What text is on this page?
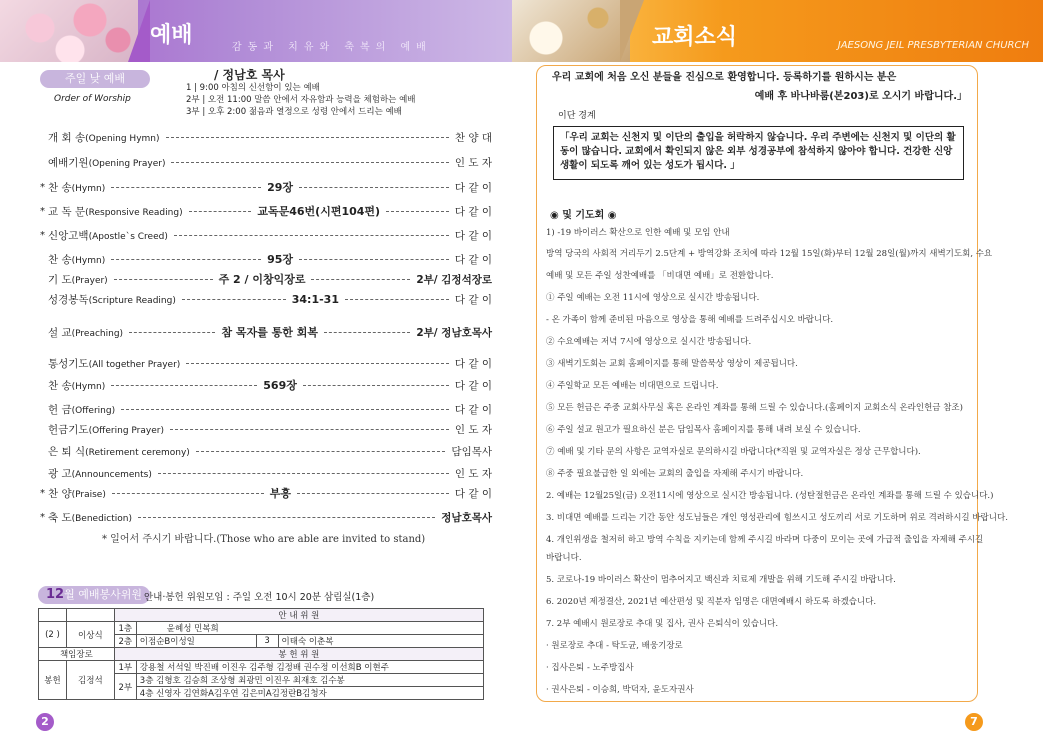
예배	감동과 치유와 축복의 예배	교회소식	JAESONG JEIL PRESBYTERIAN CHURCH
주일 낮 예배
Order of Worship
/ 정남호 목사
1 | 9:00 아침의 신선함이 있는 예배
2부 | 오전 11:00 말씀 안에서 자유함과 능력을 체험하는 예배
3부 | 오후 2:00 젊음과 열정으로 성령 안에서 드리는 예배
개 회 송(Opening Hymn)	찬 양 대
예배기원(Opening Prayer)	인 도 자
* 찬 송(Hymn)	29장	다 같 이
* 교 독 문(Responsive Reading)	교독문46번(시편104편)	다 같 이
* 신앙고백(Apostle`s Creed)	다 같 이
찬 송(Hymn)	95장	다 같 이
기 도(Prayer)	주 2 / 이창익장로	2부/ 김정석장로
성경봉독(Scripture Reading)	34:1-31	다 같 이
설 교(Preaching)	참 목자를 통한 회복	2부/ 정남호목사
통성기도(All together Prayer)	다 같 이
찬 송(Hymn)	569장	다 같 이
헌 금(Offering)	다 같 이
헌금기도(Offering Prayer)	인 도 자
은 퇴 식(Retirement ceremony)	담임목사
광 고(Announcements)	인 도 자
* 찬 양(Praise)	부흥	다 같 이
* 축 도(Benediction)	정남호목사
* 일어서 주시기 바랍니다.(Those who are able are invited to stand)
12월 예배봉사위원 안내·봉헌 위원모임 : 주일 오전 10시 20분 삼림실(1층)
		안 내 위 원			
(2 )	이상식	1층	윤혜성 민복희		
		2층	이점순B이성일	3	이태숙 이춘복
책임장로		봉 헌 위 원			
봉헌	김정석	1부	강용철 서석일 박진배 이진우 김주형 김정배 권수정 이선희B 이현주		
		2부	3층 김형호 김승희 조상형 최광민 이진우 최재호 김수봉		
			4층 신영자 김연화A김우연 김은미A김정란B김청자		
2
우리 교회에 처음 오신 분들을 진심으로 환영합니다. 등록하기를 원하시는 분은
예배 후 바나바룸(본203)로 오시기 바랍니다.」
이단 경계
「우리 교회는 신천지 및 이단의 출입을 허락하지 않습니다. 우리 주변에는 신천지 및 이단의 활동이 많습니다. 교회에서 확인되지 않은 외부 성경공부에 참석하지 않아야 합니다. 건강한 신앙생활이 되도록 깨어 있는 성도가 됩시다. 」
◉ 및 기도회 ◉
1) -19 바이러스 확산으로 인한 예배 및 모임 안내
방역 당국의 사회적 거리두기 2.5단계 + 방역강화 조치에 따라 12월 15일(화)부터 12월 28일(월)까지 새벽기도회, 수요
예배 및 모든 주일 성찬예배를 「비대면 예배」로 전환합니다.
① 주일 예배는 오전 11시에 영상으로 실시간 방송됩니다.
- 온 가족이 함께 준비된 마음으로 영상을 통해 예배를 드려주십시오 바랍니다.
② 수요예배는 저녁 7시에 영상으로 실시간 방송됩니다.
③ 새벽기도회는 교회 홈페이지를 통해 말씀묵상 영상이 제공됩니다.
④ 주일학교 모든 예배는 비대면으로 드립니다.
⑤ 모든 헌금은 주중 교회사무실 혹은 온라인 계좌를 통해 드릴 수 있습니다.(홈페이지 교회소식 온라인헌금 참조)
⑥ 주일 설교 원고가 필요하신 분은 담임목사 홈페이지를 통해 내려 보실 수 있습니다.
⑦ 예배 및 기타 문의 사항은 교역자실로 문의하시길 바랍니다(*직원 및 교역자실은 정상 근무합니다).
⑧ 주중 필요불급한 일 외에는 교회의 출입을 자제해 주시기 바랍니다.
2. 예배는 12월25일(금) 오전11시에 영상으로 실시간 방송됩니다. (성탄절헌금은 온라인 계좌를 통해 드릴 수 있습니다.)
3. 비대면 예배를 드리는 기간 동안 성도님들은 개인 영성관리에 힘쓰시고 성도끼리 서로 기도하며 위로 격려하시길 바랍니다.
4. 개인위생을 철저히 하고 방역 수칙을 지키는데 함께 주시길 바라며 다중이 모이는 곳에 가급적 출입을 자제해 주시길
바랍니다.
5. 코로나-19 바이러스 확산이 멈추어지고 백신과 치료제 개발을 위해 기도해 주시길 바랍니다.
6. 2020년 제정결산, 2021년 예산편성 및 직분자 임명은 대면예배시 하도록 하겠습니다.
7. 2부 예배시 원로장로 추대 및 집사, 권사 은퇴식이 있습니다.
· 원로장로 추대 - 탁도균, 배웅기장로
· 집사은퇴 - 노주방집사
· 권사은퇴 - 이승희, 박덕자, 윤도자권사
7
